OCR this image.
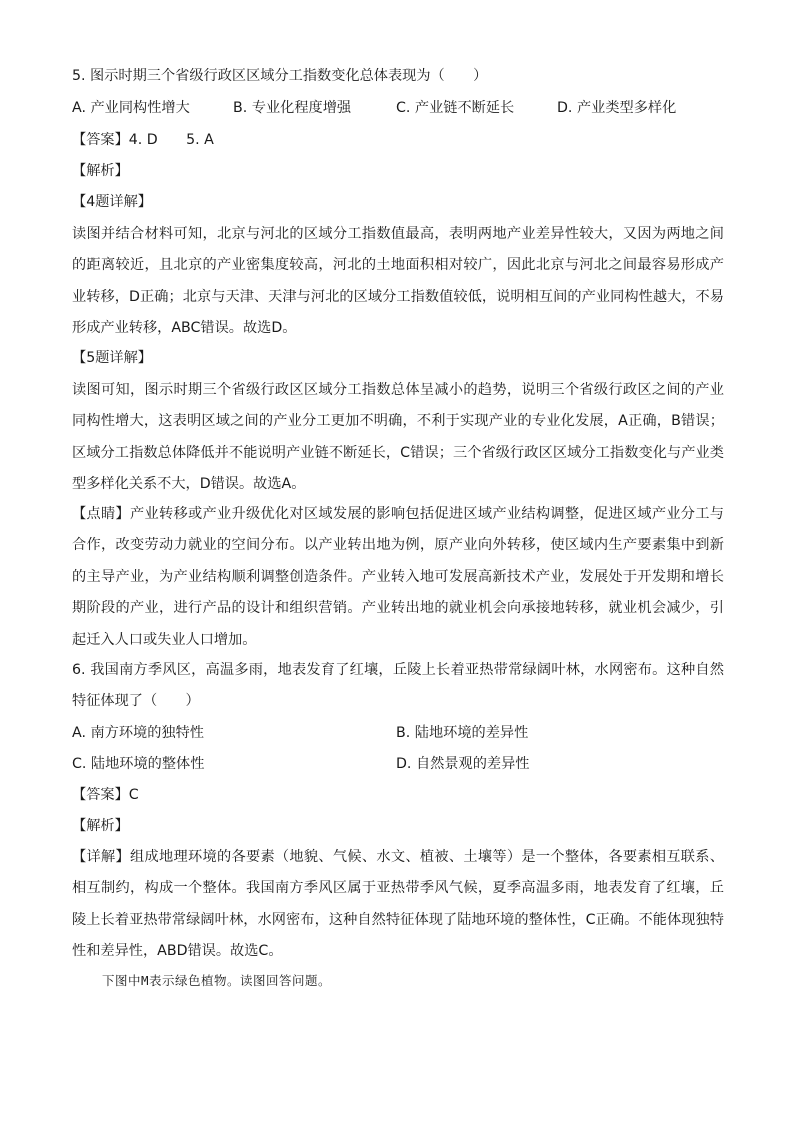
5. 图示时期三个省级行政区区域分工指数变化总体表现为（　　）
A. 产业同构性增大	B. 专业化程度增强	C. 产业链不断延长	D. 产业类型多样化
【答案】4. D　　5. A
【解析】
【4题详解】
读图并结合材料可知，北京与河北的区域分工指数值最高，表明两地产业差异性较大，又因为两地之间的距离较近，且北京的产业密集度较高，河北的土地面积相对较广，因此北京与河北之间最容易形成产业转移，D正确；北京与天津、天津与河北的区域分工指数值较低，说明相互间的产业同构性越大，不易形成产业转移，ABC错误。故选D。
【5题详解】
读图可知，图示时期三个省级行政区区域分工指数总体呈减小的趋势，说明三个省级行政区之间的产业同构性增大，这表明区域之间的产业分工更加不明确，不利于实现产业的专业化发展，A正确，B错误；区域分工指数总体降低并不能说明产业链不断延长，C错误；三个省级行政区区域分工指数变化与产业类型多样化关系不大，D错误。故选A。
【点睛】产业转移或产业升级优化对区域发展的影响包括促进区域产业结构调整，促进区域产业分工与合作，改变劳动力就业的空间分布。以产业转出地为例，原产业向外转移，使区域内生产要素集中到新的主导产业，为产业结构顺利调整创造条件。产业转入地可发展高新技术产业，发展处于开发期和增长期阶段的产业，进行产品的设计和组织营销。产业转出地的就业机会向承接地转移，就业机会减少，引起迁入人口或失业人口增加。
6. 我国南方季风区，高温多雨，地表发育了红壤，丘陵上长着亚热带常绿阔叶林，水网密布。这种自然特征体现了（　　）
A. 南方环境的独特性	B. 陆地环境的差异性
C. 陆地环境的整体性	D. 自然景观的差异性
【答案】C
【解析】
【详解】组成地理环境的各要素（地貌、气候、水文、植被、土壤等）是一个整体，各要素相互联系、相互制约，构成一个整体。我国南方季风区属于亚热带季风气候，夏季高温多雨，地表发育了红壤，丘陵上长着亚热带常绿阔叶林，水网密布，这种自然特征体现了陆地环境的整体性，C正确。不能体现独特性和差异性，ABD错误。故选C。
下图中M表示绿色植物。读图回答问题。
